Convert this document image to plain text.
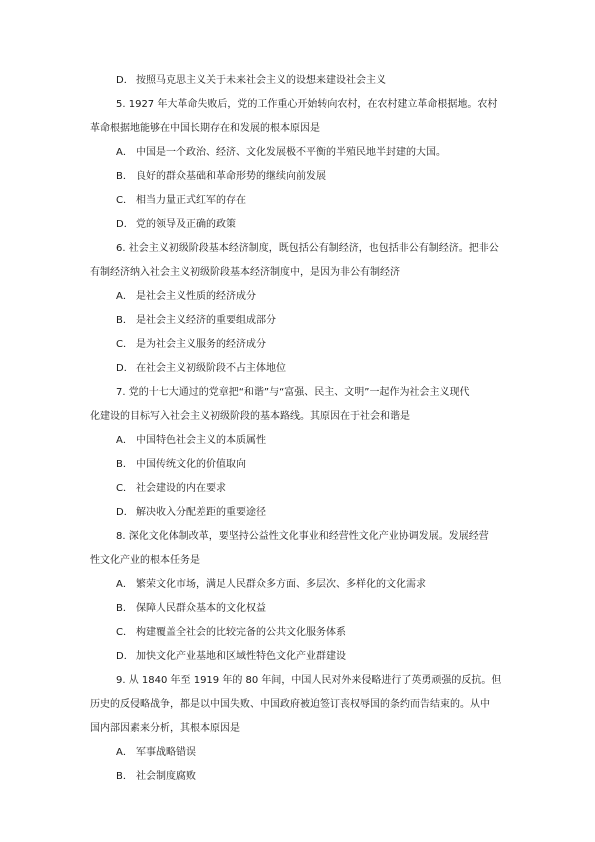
D． 按照马克思主义关于未来社会主义的设想来建设社会主义
5. 1927 年大革命失败后，党的工作重心开始转向农村，在农村建立革命根据地。农村
革命根据地能够在中国长期存在和发展的根本原因是
A． 中国是一个政治、经济、文化发展极不平衡的半殖民地半封建的大国。
B． 良好的群众基础和革命形势的继续向前发展
C． 相当力量正式红军的存在
D． 党的领导及正确的政策
6. 社会主义初级阶段基本经济制度，既包括公有制经济，也包括非公有制经济。把非公
有制经济纳入社会主义初级阶段基本经济制度中，是因为非公有制经济
A． 是社会主义性质的经济成分
B． 是社会主义经济的重要组成部分
C． 是为社会主义服务的经济成分
D． 在社会主义初级阶段不占主体地位
7. 党的十七大通过的党章把“和谐”与“富强、民主、文明”一起作为社会主义现代
化建设的目标写入社会主义初级阶段的基本路线。其原因在于社会和谐是
A． 中国特色社会主义的本质属性
B． 中国传统文化的价值取向
C． 社会建设的内在要求
D． 解决收入分配差距的重要途径
8. 深化文化体制改革，要坚持公益性文化事业和经营性文化产业协调发展。发展经营
性文化产业的根本任务是
A． 繁荣文化市场，满足人民群众多方面、多层次、多样化的文化需求
B． 保障人民群众基本的文化权益
C． 构建覆盖全社会的比较完备的公共文化服务体系
D． 加快文化产业基地和区域性特色文化产业群建设
9. 从 1840 年至 1919 年的 80 年间，中国人民对外来侵略进行了英勇顽强的反抗。但
历史的反侵略战争，都是以中国失败、中国政府被迫签订丧权辱国的条约而告结束的。从中
国内部因素来分析，其根本原因是
A． 军事战略错误
B． 社会制度腐败
